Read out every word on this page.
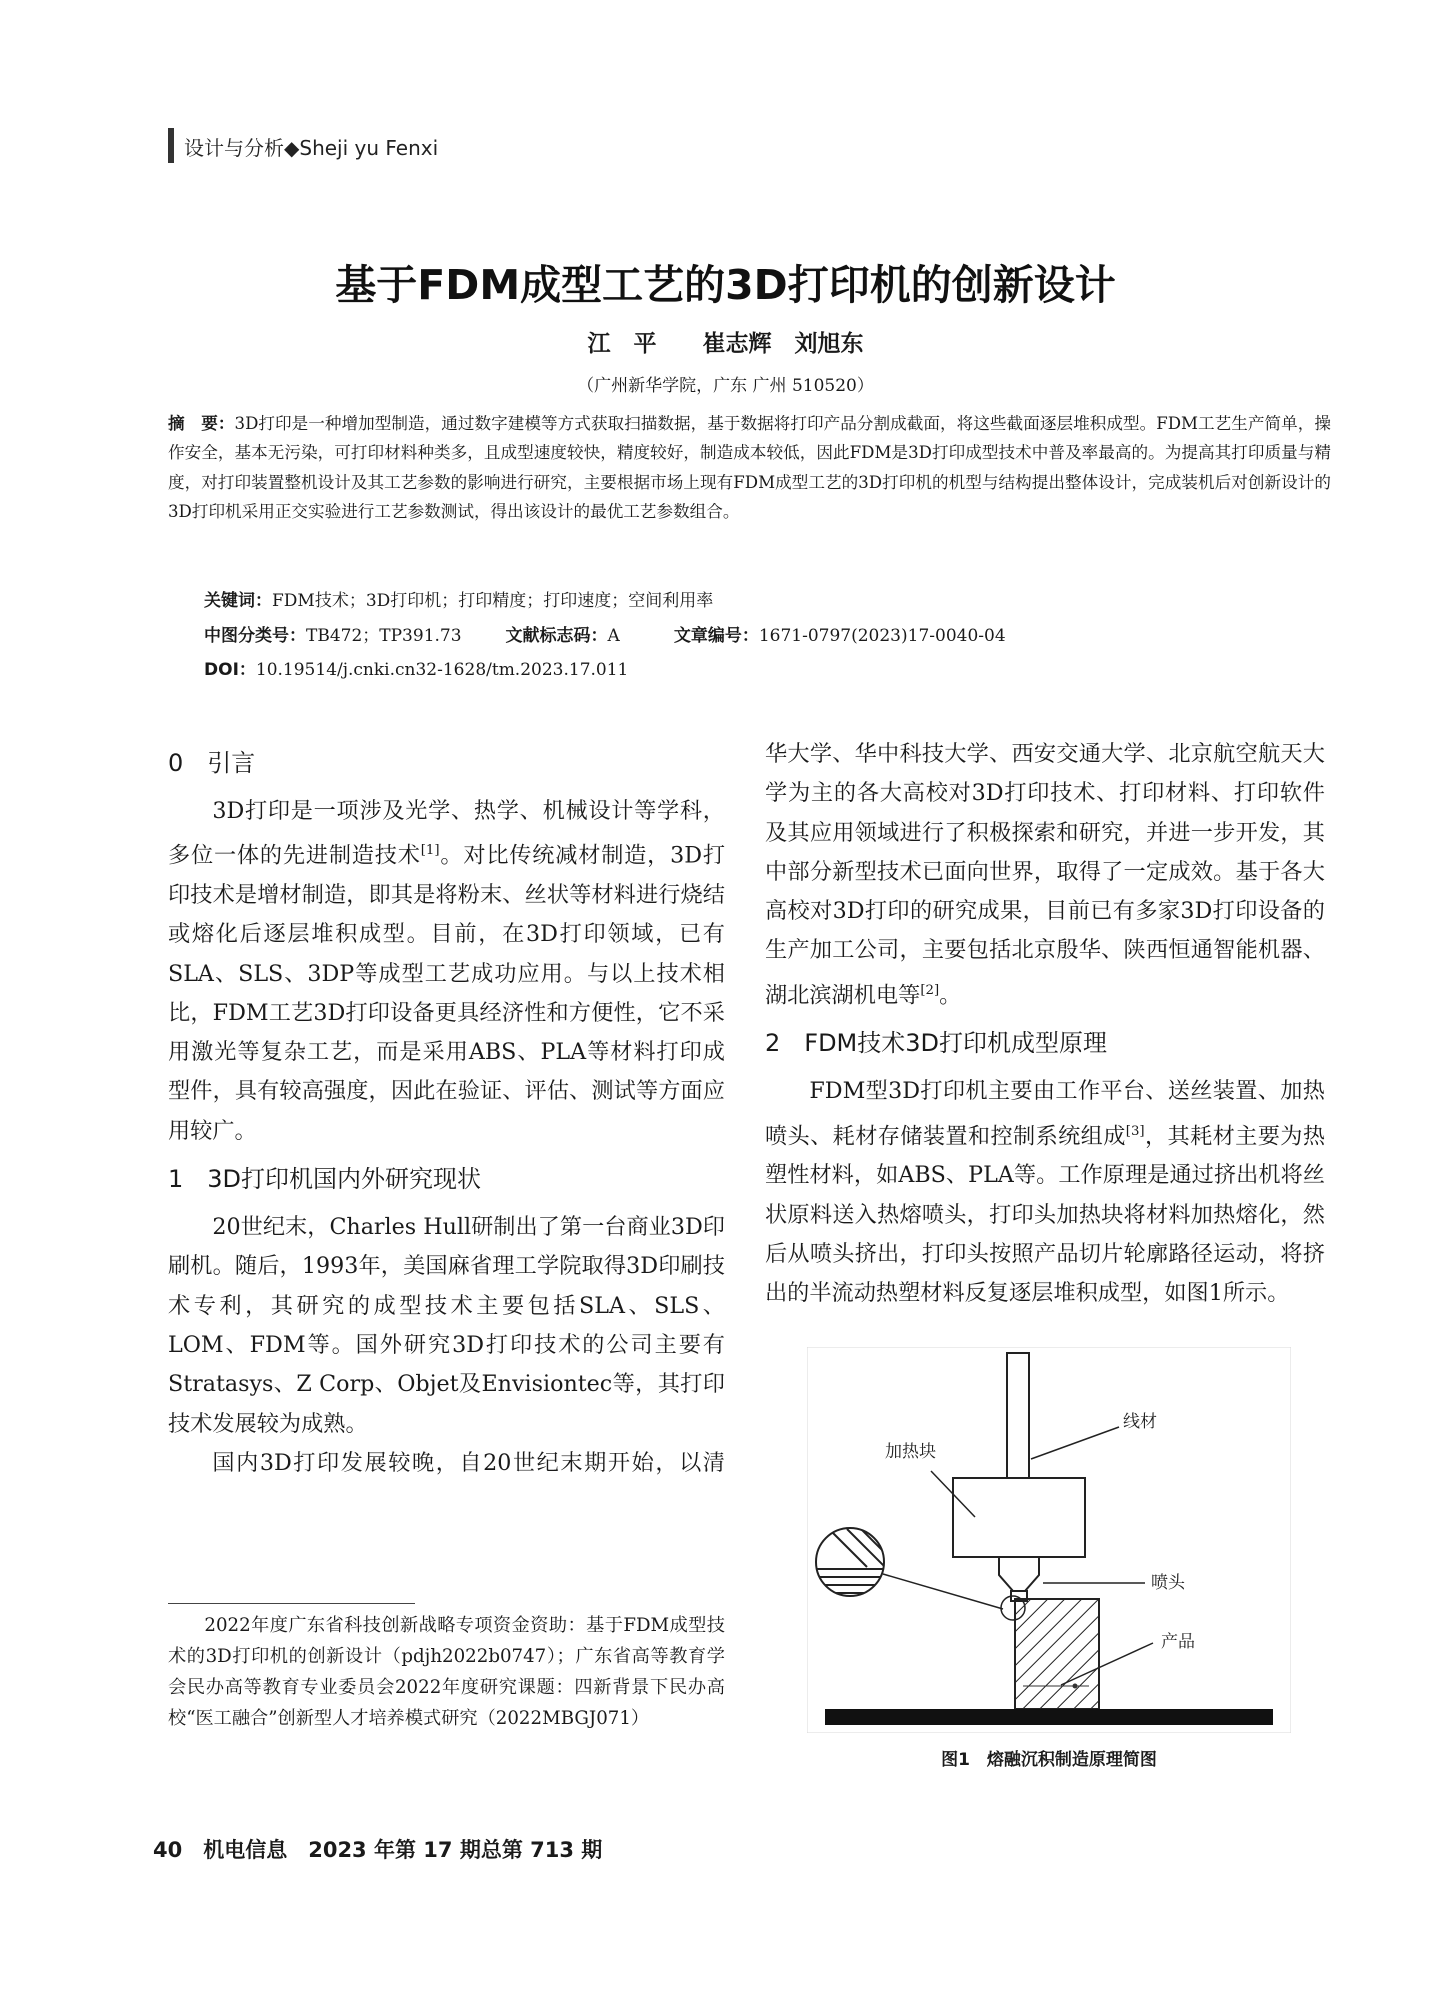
设计与分析◆Sheji yu Fenxi
基于FDM成型工艺的3D打印机的创新设计
江　平　　崔志辉　刘旭东
（广州新华学院，广东 广州 510520）
摘　要：3D打印是一种增加型制造，通过数字建模等方式获取扫描数据，基于数据将打印产品分割成截面，将这些截面逐层堆积成型。FDM工艺生产简单，操作安全，基本无污染，可打印材料种类多，且成型速度较快，精度较好，制造成本较低，因此FDM是3D打印成型技术中普及率最高的。为提高其打印质量与精度，对打印装置整机设计及其工艺参数的影响进行研究，主要根据市场上现有FDM成型工艺的3D打印机的机型与结构提出整体设计，完成装机后对创新设计的3D打印机采用正交实验进行工艺参数测试，得出该设计的最优工艺参数组合。
关键词：FDM技术；3D打印机；打印精度；打印速度；空间利用率
中图分类号：TB472；TP391.73	文献标志码：A	文章编号：1671-0797(2023)17-0040-04
DOI：10.19514/j.cnki.cn32-1628/tm.2023.17.011
0　引言

3D打印是一项涉及光学、热学、机械设计等学科，多位一体的先进制造技术[1]。对比传统减材制造，3D打印技术是增材制造，即其是将粉末、丝状等材料进行烧结或熔化后逐层堆积成型。目前，在3D打印领域，已有SLA、SLS、3DP等成型工艺成功应用。与以上技术相比，FDM工艺3D打印设备更具经济性和方便性，它不采用激光等复杂工艺，而是采用ABS、PLA等材料打印成型件，具有较高强度，因此在验证、评估、测试等方面应用较广。

1　3D打印机国内外研究现状

20世纪末，Charles Hull研制出了第一台商业3D印刷机。随后，1993年，美国麻省理工学院取得3D印刷技术专利，其研究的成型技术主要包括SLA、SLS、LOM、FDM等。国外研究3D打印技术的公司主要有Stratasys、Z Corp、Objet及Envisiontec等，其打印技术发展较为成熟。

国内3D打印发展较晚，自20世纪末期开始，以清

华大学、华中科技大学、西安交通大学、北京航空航天大学为主的各大高校对3D打印技术、打印材料、打印软件及其应用领域进行了积极探索和研究，并进一步开发，其中部分新型技术已面向世界，取得了一定成效。基于各大高校对3D打印的研究成果，目前已有多家3D打印设备的生产加工公司，主要包括北京殷华、陕西恒通智能机器、湖北滨湖机电等[2]。

2　FDM技术3D打印机成型原理

FDM型3D打印机主要由工作平台、送丝装置、加热喷头、耗材存储装置和控制系统组成[3]，其耗材主要为热塑性材料，如ABS、PLA等。工作原理是通过挤出机将丝状原料送入热熔喷头，打印头加热块将材料加热熔化，然后从喷头挤出，打印头按照产品切片轮廓路径运动，将挤出的半流动热塑材料反复逐层堆积成型，如图1所示。

加热块
线材
喷头
产品
图1　熔融沉积制造原理简图
2022年度广东省科技创新战略专项资金资助：基于FDM成型技术的3D打印机的创新设计（pdjh2022b0747）；广东省高等教育学会民办高等教育专业委员会2022年度研究课题：四新背景下民办高校“医工融合”创新型人才培养模式研究（2022MBGJ071）
40　机电信息　2023 年第 17 期总第 713 期
